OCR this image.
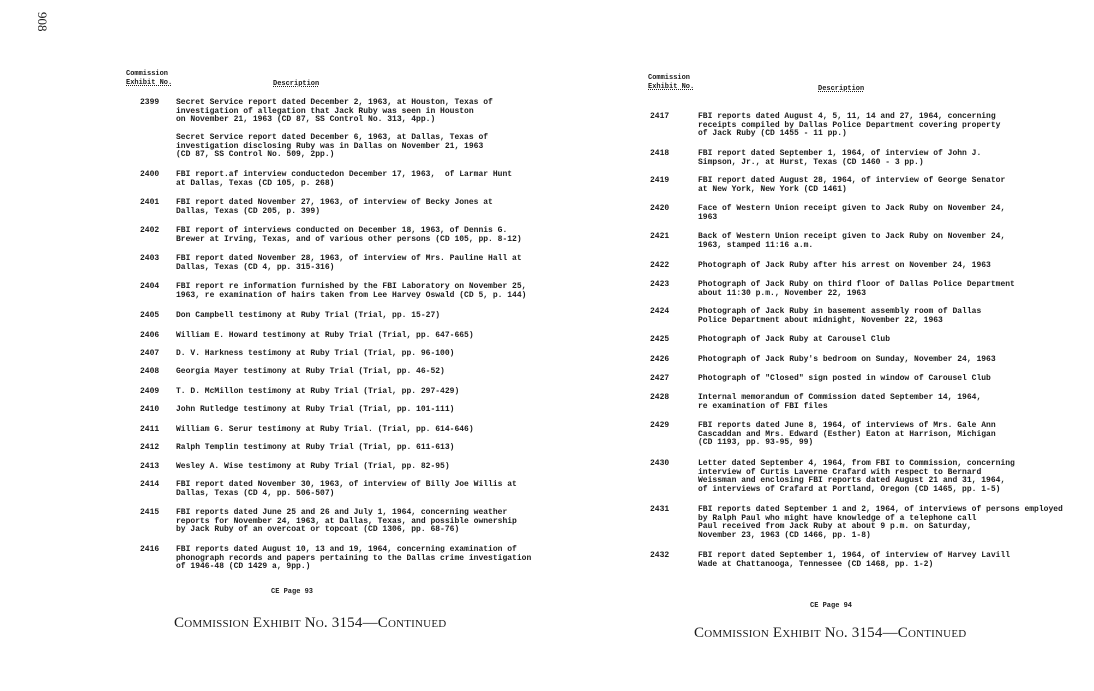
908
Commission
Exhibit No.	Description
2399 Secret Service report dated December 2, 1963, at Houston, Texas of
investigation of allegation that Jack Ruby was seen in Houston
on November 21, 1963 (CD 87, SS Control No. 313, 4pp.)
Secret Service report dated December 6, 1963, at Dallas, Texas of
investigation disclosing Ruby was in Dallas on November 21, 1963
(CD 87, SS Control No. 509, 2pp.)
2400 FBI report.af interview conductedon December 17, 1963,  of Larmar Hunt
at Dallas, Texas (CD 105, p. 268)
2401 FBI report dated November 27, 1963, of interview of Becky Jones at
Dallas, Texas (CD 205, p. 399)
2402 FBI report of interviews conducted on December 18, 1963, of Dennis G.
Brewer at Irving, Texas, and of various other persons (CD 105, pp. 8-12)
2403 FBI report dated November 28, 1963, of interview of Mrs. Pauline Hall at
Dallas, Texas (CD 4, pp. 315-316)
2404 FBI report re information furnished by the FBI Laboratory on November 25,
1963, re examination of hairs taken from Lee Harvey Oswald (CD 5, p. 144)
2405 Don Campbell testimony at Ruby Trial (Trial, pp. 15-27)
2406 William E. Howard testimony at Ruby Trial (Trial, pp. 647-665)
2407 D. V. Harkness testimony at Ruby Trial (Trial, pp. 96-100)
2408 Georgia Mayer testimony at Ruby Trial (Trial, pp. 46-52)
2409 T. D. McMillon testimony at Ruby Trial (Trial, pp. 297-429)
2410 John Rutledge testimony at Ruby Trial (Trial, pp. 101-111)
2411 William G. Serur testimony at Ruby Trial. (Trial, pp. 614-646)
2412 Ralph Templin testimony at Ruby Trial (Trial, pp. 611-613)
2413 Wesley A. Wise testimony at Ruby Trial (Trial, pp. 82-95)
2414 FBI report dated November 30, 1963, of interview of Billy Joe Willis at
Dallas, Texas (CD 4, pp. 506-507)
2415 FBI reports dated June 25 and 26 and July 1, 1964, concerning weather
reports for November 24, 1963, at Dallas, Texas, and possible ownership
by Jack Ruby of an overcoat or topcoat (CD 1306, pp. 68-76)
2416 FBI reports dated August 10, 13 and 19, 1964, concerning examination of
phonograph records and papers pertaining to the Dallas crime investigation
of 1946-48 (CD 1429 a, 9pp.)
CE Page 93
Commission Exhibit No. 3154—Continued
Commission
Exhibit No.	Description
2417	FBI reports dated August 4, 5, 11, 14 and 27, 1964, concerning
receipts compiled by Dallas Police Department covering property
of Jack Ruby (CD 1455 - 11 pp.)
2418	FBI report dated September 1, 1964, of interview of John J.
Simpson, Jr., at Hurst, Texas (CD 1460 - 3 pp.)
2419	FBI report dated August 28, 1964, of interview of George Senator
at New York, New York (CD 1461)
2420	Face of Western Union receipt given to Jack Ruby on November 24,
1963
2421	Back of Western Union receipt given to Jack Ruby on November 24,
1963, stamped 11:16 a.m.
2422	Photograph of Jack Ruby after his arrest on November 24, 1963
2423	Photograph of Jack Ruby on third floor of Dallas Police Department
about 11:30 p.m., November 22, 1963
2424	Photograph of Jack Ruby in basement assembly room of Dallas
Police Department about midnight, November 22, 1963
2425	Photograph of Jack Ruby at Carousel Club
2426	Photograph of Jack Ruby's bedroom on Sunday, November 24, 1963
2427	Photograph of "Closed" sign posted in window of Carousel Club
2428	Internal memorandum of Commission dated September 14, 1964,
re examination of FBI files
2429	FBI reports dated June 8, 1964, of interviews of Mrs. Gale Ann
Cascaddan and Mrs. Edward (Esther) Eaton at Harrison, Michigan
(CD 1193, pp. 93-95, 99)
2430	Letter dated September 4, 1964, from FBI to Commission, concerning
interview of Curtis Laverne Crafard with respect to Bernard
Weissman and enclosing FBI reports dated August 21 and 31, 1964,
of interviews of Crafard at Portland, Oregon (CD 1465, pp. 1-5)
2431	FBI reports dated September 1 and 2, 1964, of interviews of persons employed
by Ralph Paul who might have knowledge of a telephone call
Paul received from Jack Ruby at about 9 p.m. on Saturday,
November 23, 1963 (CD 1466, pp. 1-8)
2432	FBI report dated September 1, 1964, of interview of Harvey Lavill
Wade at Chattanooga, Tennessee (CD 1468, pp. 1-2)
CE Page 94
Commission Exhibit No. 3154—Continued
